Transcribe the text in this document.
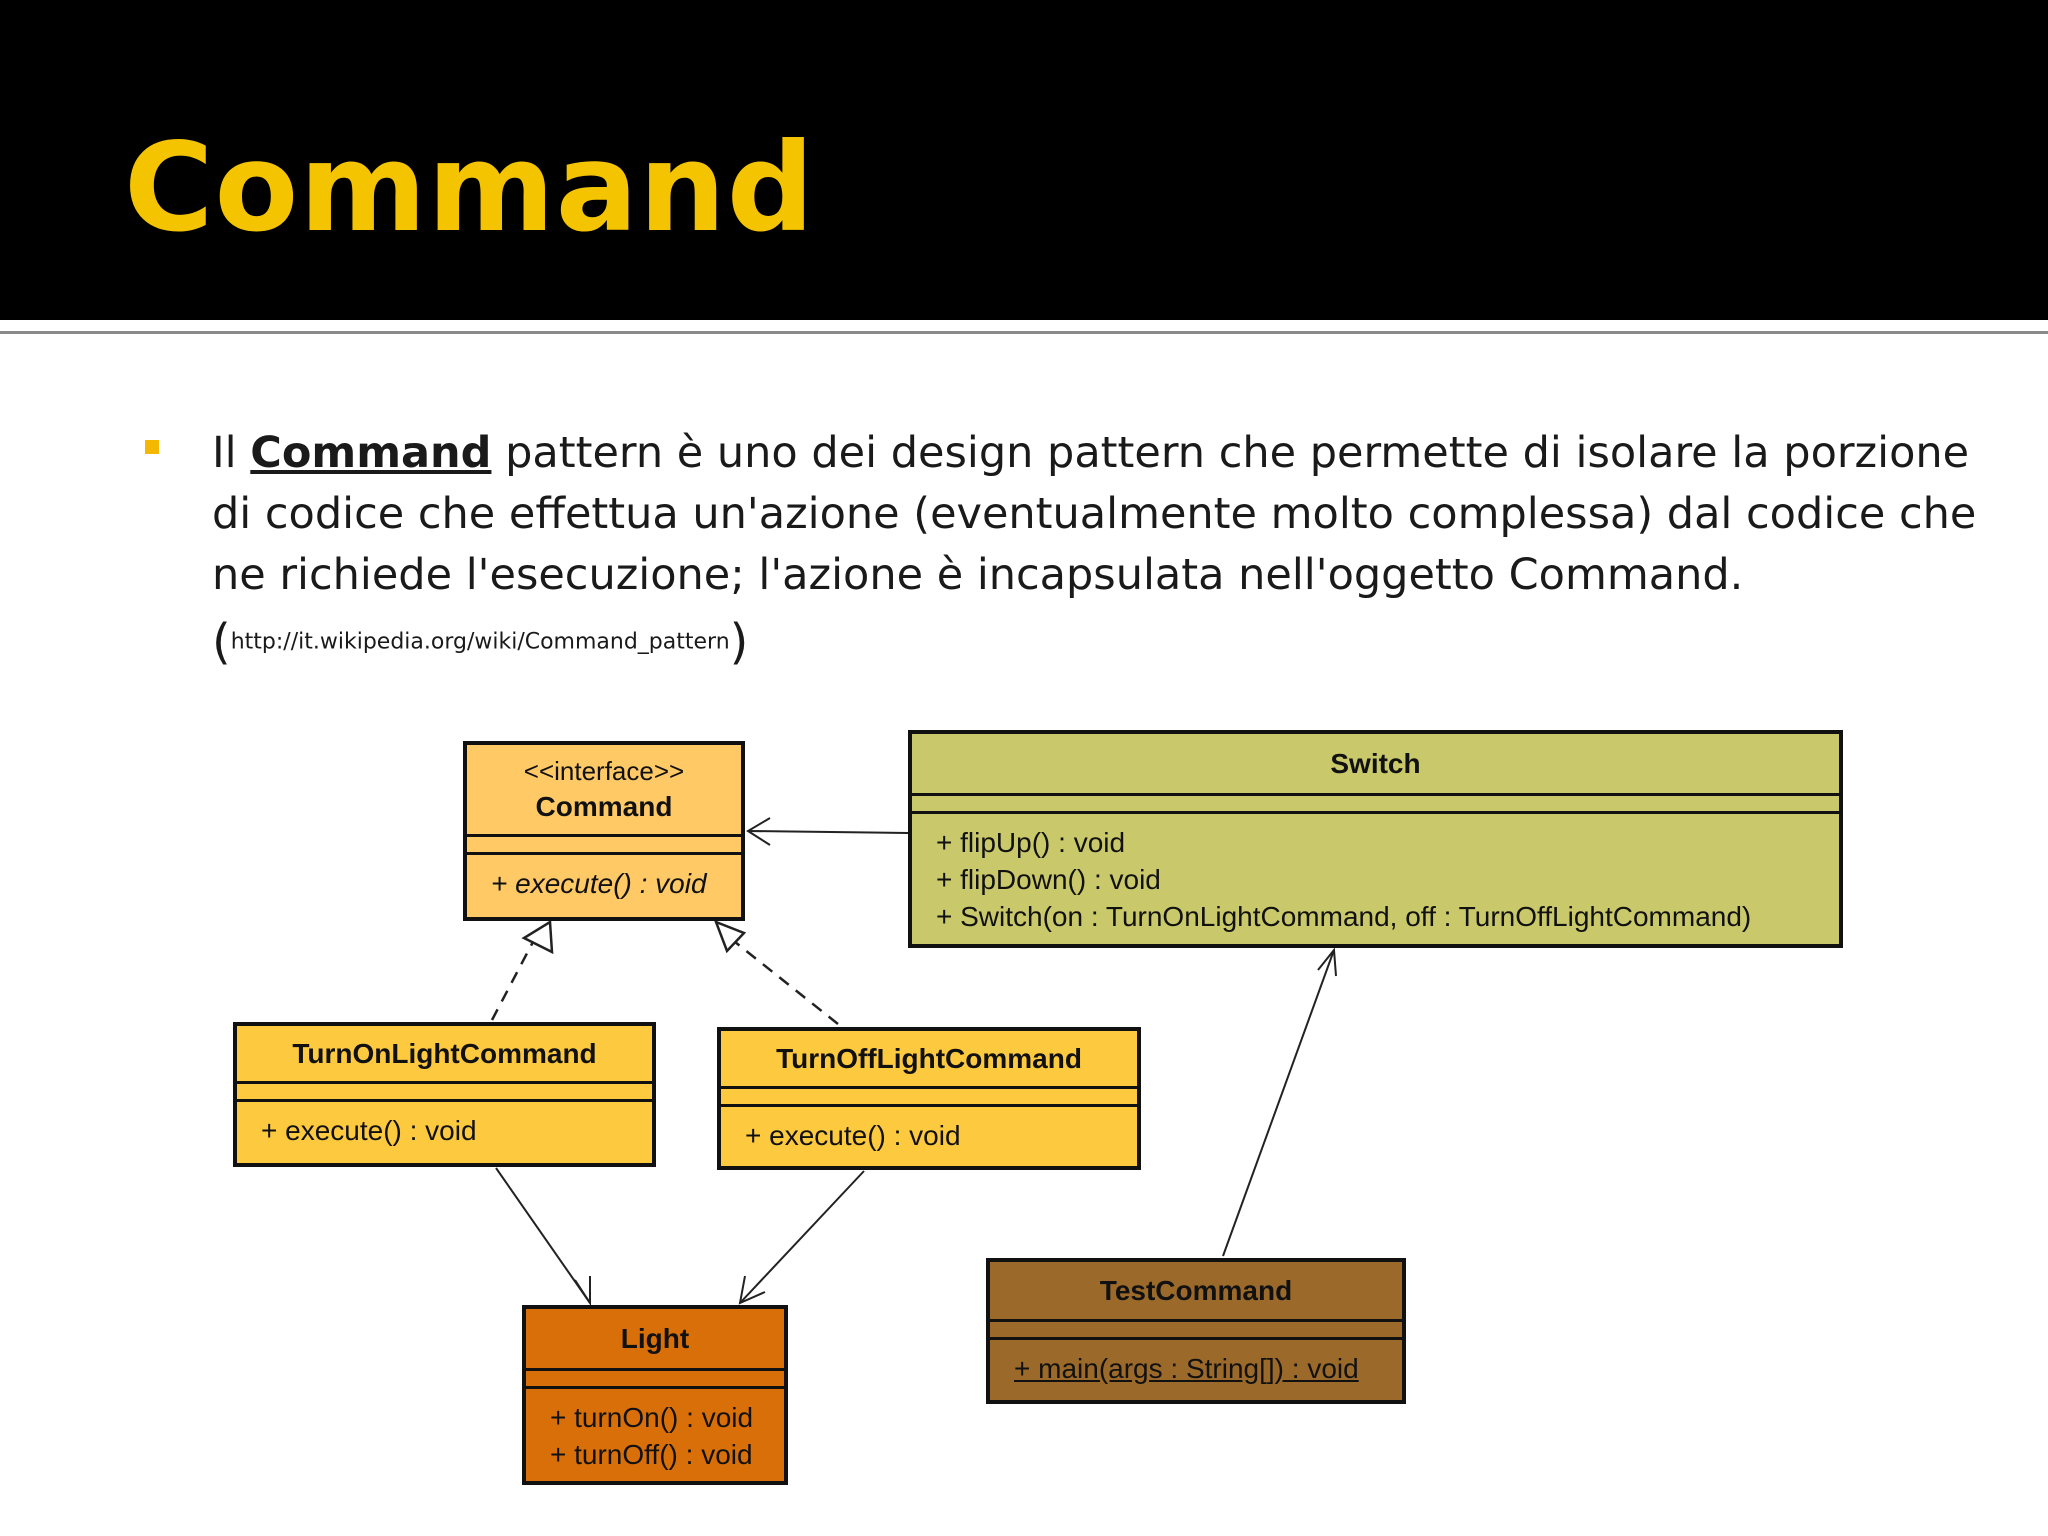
Command

Il Command pattern è uno dei design pattern che permette di isolare la porzione di codice che effettua un'azione (eventualmente molto complessa) dal codice che ne richiede l'esecuzione; l'azione è incapsulata nell'oggetto Command.

(http://it.wikipedia.org/wiki/Command_pattern)
<<interface>>
Command
+ execute() : void
Switch
+ flipUp() : void
+ flipDown() : void
+ Switch(on : TurnOnLightCommand, off : TurnOffLightCommand)
TurnOnLightCommand
+ execute() : void
TurnOffLightCommand
+ execute() : void
Light
+ turnOn() : void
+ turnOff() : void
TestCommand
+ main(args : String[]) : void
